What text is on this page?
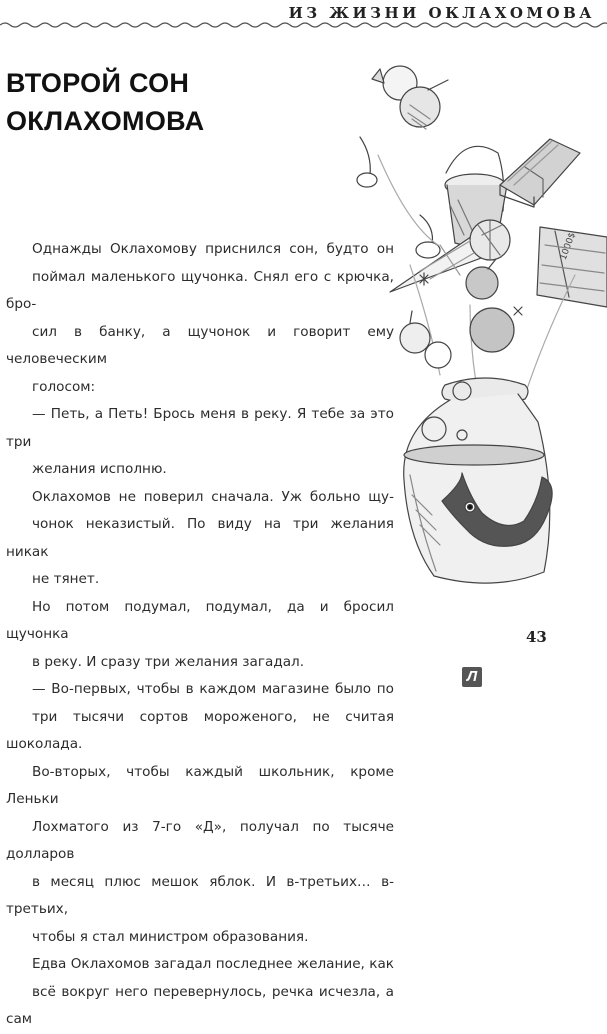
ИЗ ЖИЗНИ ОКЛАХОМОВА
ВТОРОЙ СОН
ОКЛАХОМОВА

Однажды Оклахомову приснился сон, будто он
поймал маленького щучонка. Снял его с крючка, бро-
сил в банку, а щучонок и говорит ему человеческим
голосом:

— Петь, а Петь! Брось меня в реку. Я тебе за это три
желания исполню.

Оклахомов не поверил сначала. Уж больно щу-
чонок неказистый. По виду на три желания никак
не тянет.

Но потом подумал, подумал, да и бросил щучонка
в реку. И сразу три желания загадал.

— Во-первых, чтобы в каждом магазине было по
три тысячи сортов мороженого, не считая шоколада.
Во-вторых, чтобы каждый школьник, кроме Леньки
Лохматого из 7-го «Д», получал по тысяче долларов
в месяц плюс мешок яблок. И в-третьих… в-третьих,
чтобы я стал министром образования.

Едва Оклахомов загадал последнее желание, как
всё вокруг него перевернулось, речка исчезла, а сам

1000$
43
Л
